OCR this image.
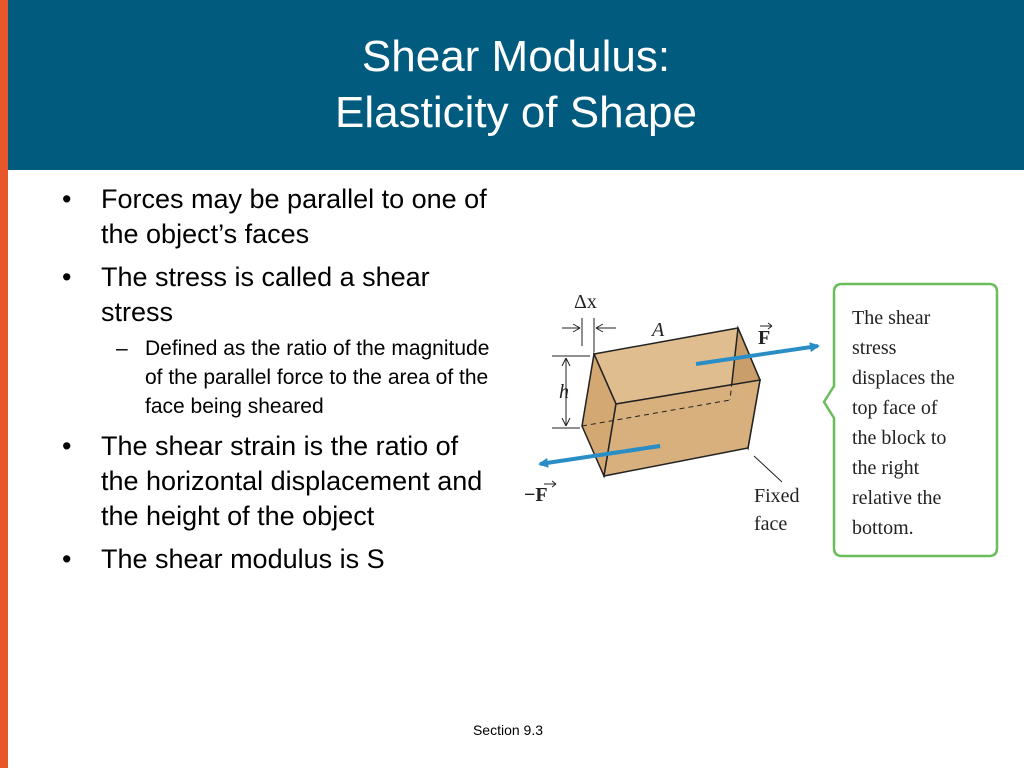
Shear Modulus:
Elasticity of Shape
• Forces may be parallel to one of the object’s faces
• The stress is called a shear stress
– Defined as the ratio of the magnitude of the parallel force to the area of the face being sheared
• The shear strain is the ratio of the horizontal displacement and the height of the object
• The shear modulus is S
Δx
A
h
F
−F	Fixed
face
The shear
stress
displaces the
top face of
the block to
the right
relative the
bottom.
Section 9.3
